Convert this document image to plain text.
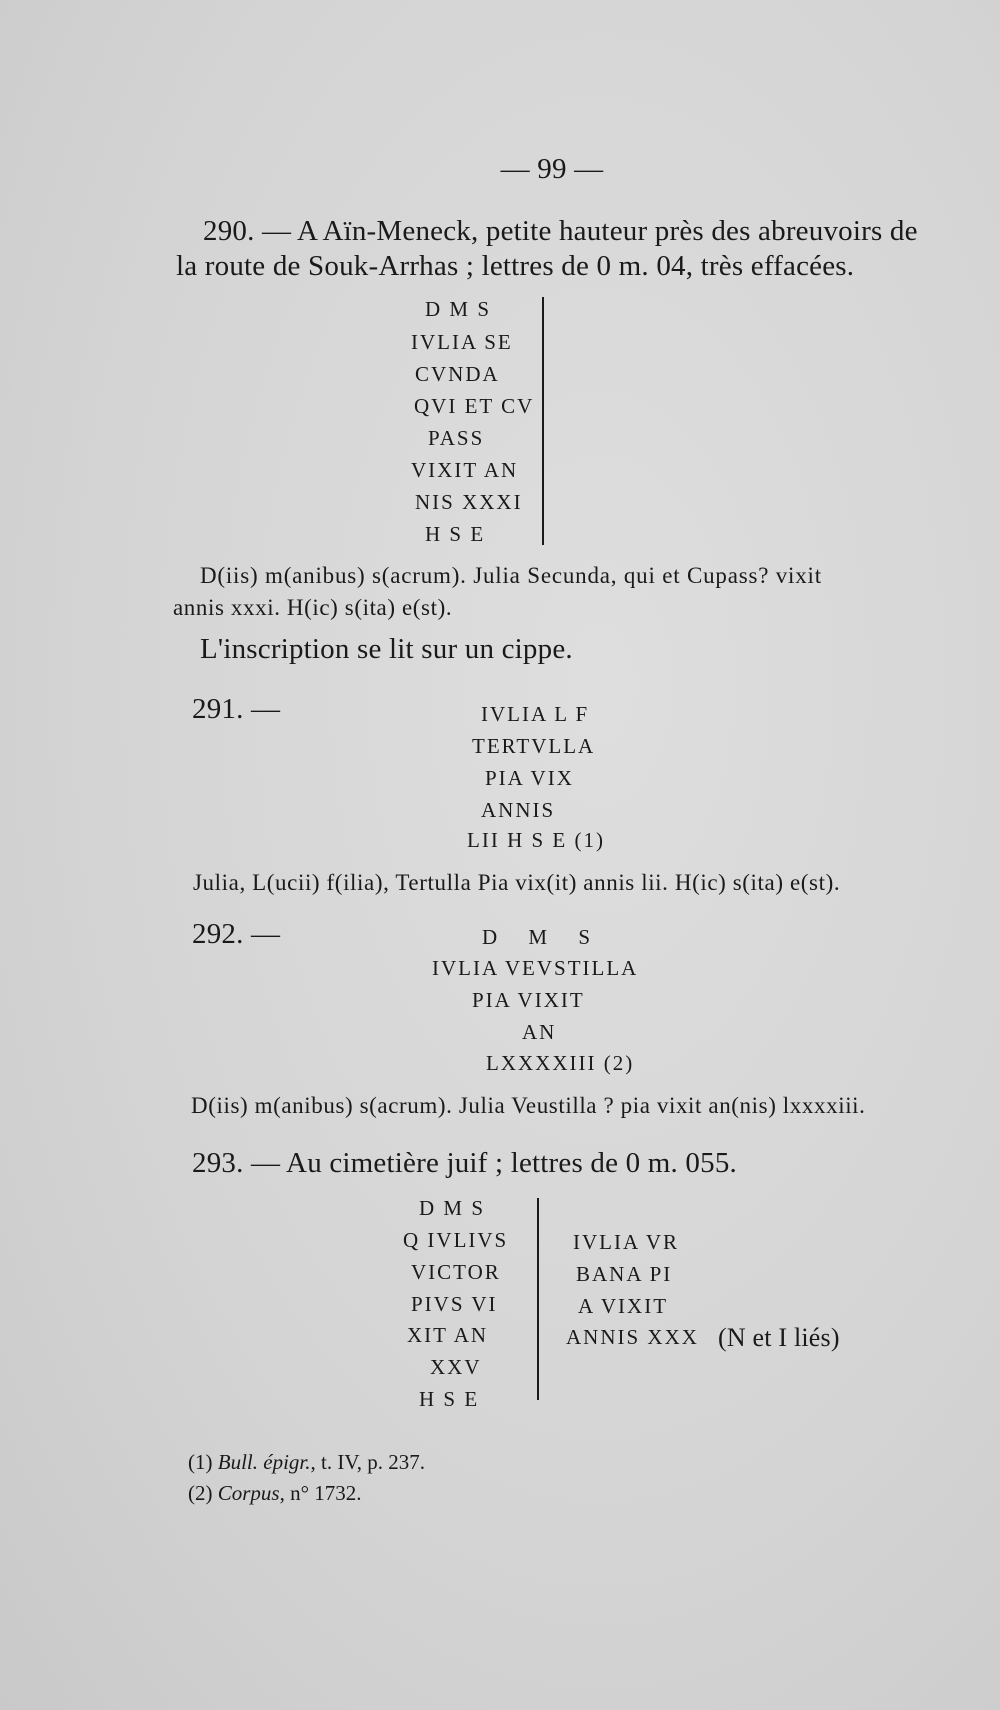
— 99 —
290. — A Aïn-Meneck, petite hauteur près des abreuvoirs de
la route de Souk-Arrhas ; lettres de 0 m. 04, très effacées.
D M S
IVLIA SE
CVNDA
QVI ET CV
PASS
VIXIT AN
NIS XXXI
H S E
D(iis) m(anibus) s(acrum). Julia Secunda, qui et Cupass? vixit
annis xxxi. H(ic) s(ita) e(st).
L'inscription se lit sur un cippe.
291. —	IVLIA L F
TERTVLLA
PIA VIX
ANNIS
LII H S E (1)
Julia, L(ucii) f(ilia), Tertulla Pia vix(it) annis lii. H(ic) s(ita) e(st).
292. —	D M S
IVLIA VEVSTILLA
PIA VIXIT
AN
LXXXXIII (2)
D(iis) m(anibus) s(acrum). Julia Veustilla ? pia vixit an(nis) lxxxxiii.
293. — Au cimetière juif ; lettres de 0 m. 055.
D M S
Q IVLIVS
VICTOR
PIVS VI
XIT AN
XXV
H S E
IVLIA VR
BANA PI
A VIXIT
ANNIS XXX (N et I liés)
(1) Bull. épigr., t. IV, p. 237.
(2) Corpus, n° 1732.
